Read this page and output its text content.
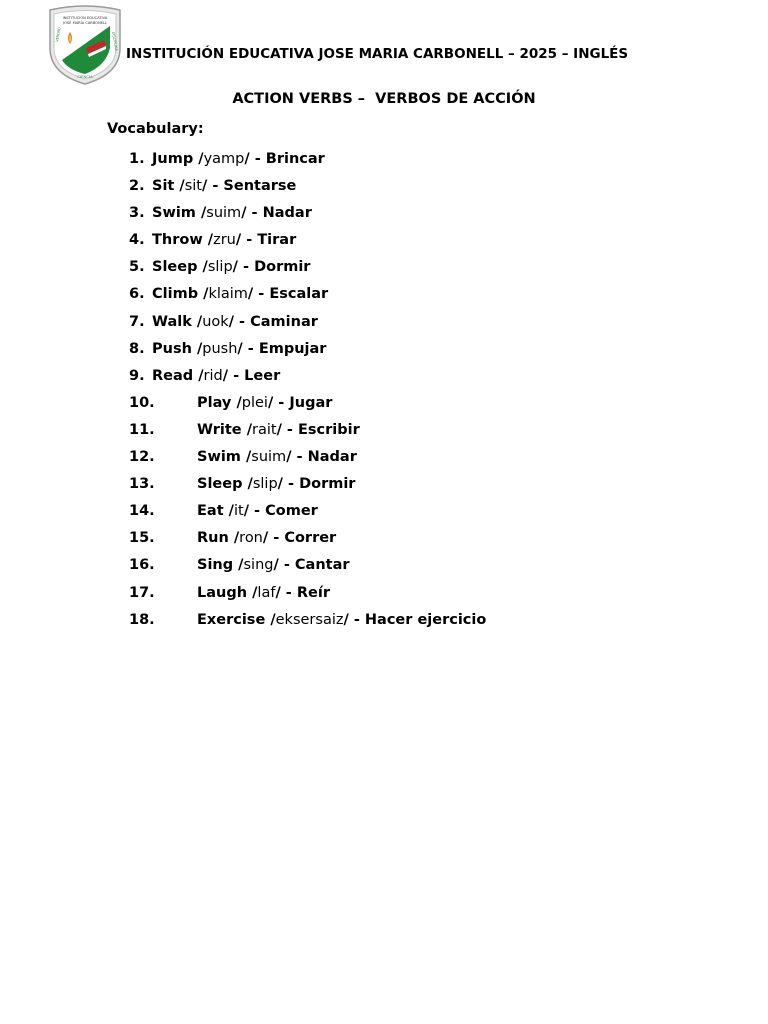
INSTITUCIÓN EDUCATIVA
JOSÉ MARÍA CARBONELL
VERDAD	DISCIPLINA
CIENCIA
INSTITUCIÓN EDUCATIVA JOSE MARIA CARBONELL – 2025 – INGLÉS
ACTION VERBS –  VERBOS DE ACCIÓN
Vocabulary:
1. Jump /yamp/ - Brincar
2. Sit /sit/ - Sentarse
3. Swim /suim/ - Nadar
4. Throw /zru/ - Tirar
5. Sleep /slip/ - Dormir
6. Climb /klaim/ - Escalar
7. Walk /uok/ - Caminar
8. Push /push/ - Empujar
9. Read /rid/ - Leer
10.	Play /plei/ - Jugar
11.	Write /rait/ - Escribir
12.	Swim /suim/ - Nadar
13.	Sleep /slip/ - Dormir
14.	Eat /it/ - Comer
15.	Run /ron/ - Correr
16.	Sing /sing/ - Cantar
17.	Laugh /laf/ - Reír
18.	Exercise /eksersaiz/ - Hacer ejercicio
